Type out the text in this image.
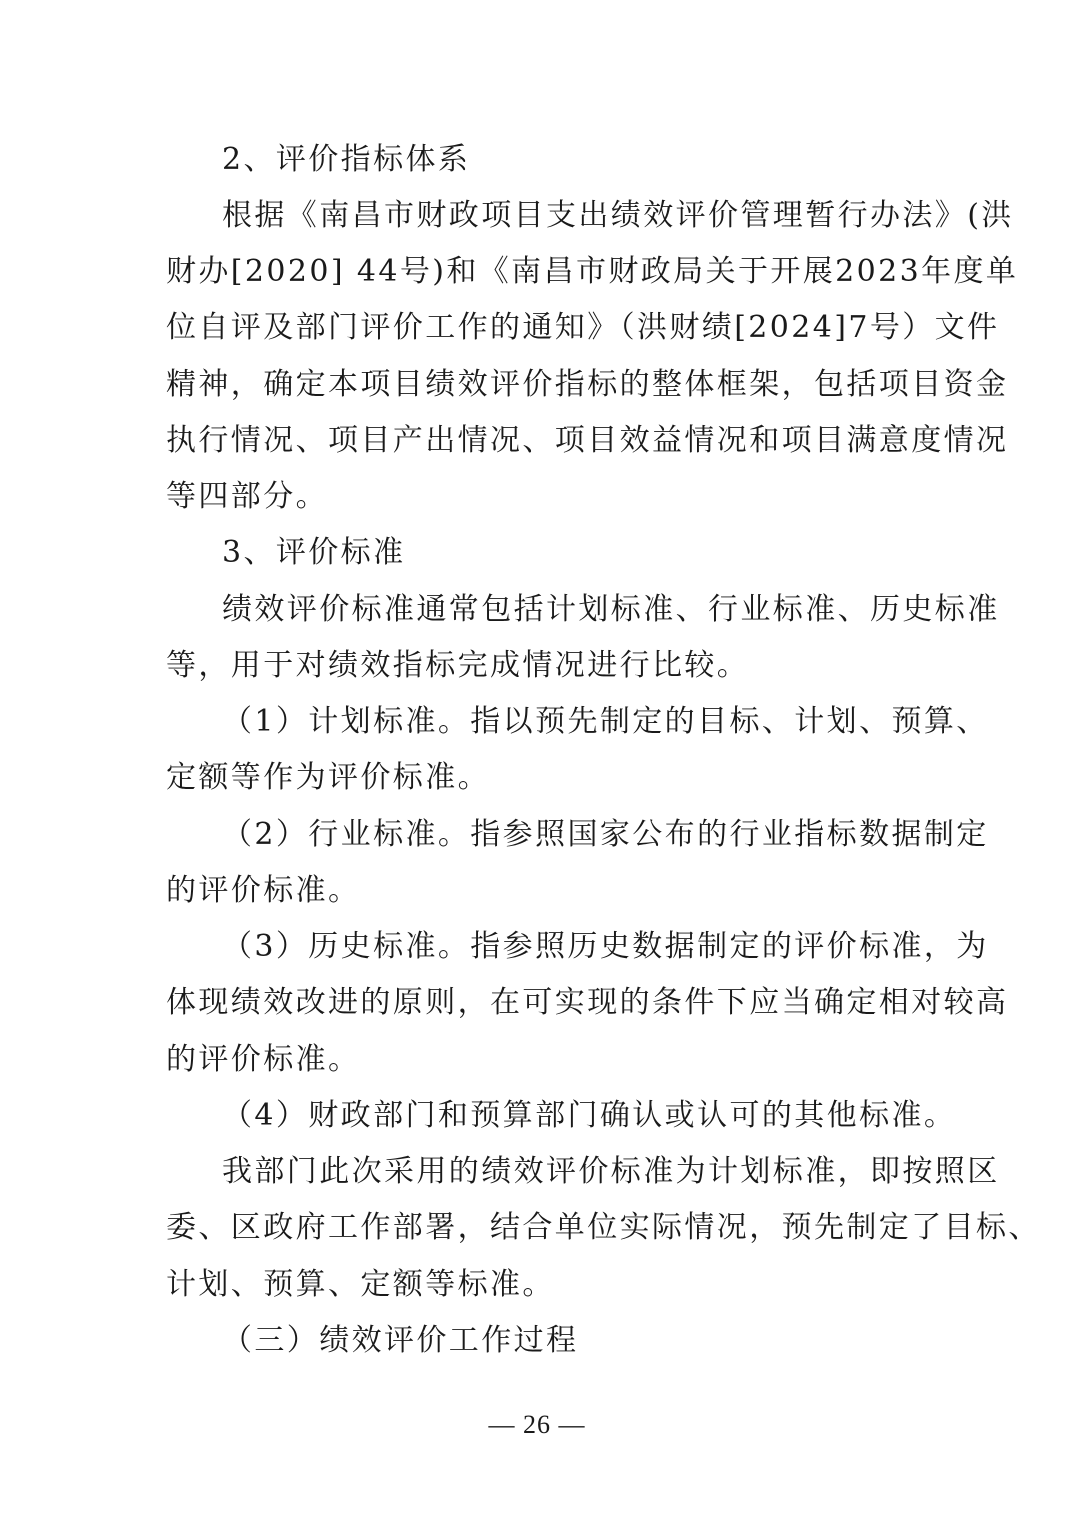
2、评价指标体系
根据《南昌市财政项目支出绩效评价管理暂行办法》(洪
财办[2020] 44号)和《南昌市财政局关于开展2023年度单
位自评及部门评价工作的通知》（洪财绩[2024]7号）文件
精神，确定本项目绩效评价指标的整体框架，包括项目资金
执行情况、项目产出情况、项目效益情况和项目满意度情况
等四部分。
3、评价标准
绩效评价标准通常包括计划标准、行业标准、历史标准
等，用于对绩效指标完成情况进行比较。
（1）计划标准。指以预先制定的目标、计划、预算、
定额等作为评价标准。
（2）行业标准。指参照国家公布的行业指标数据制定
的评价标准。
（3）历史标准。指参照历史数据制定的评价标准，为
体现绩效改进的原则，在可实现的条件下应当确定相对较高
的评价标准。
（4）财政部门和预算部门确认或认可的其他标准。
我部门此次采用的绩效评价标准为计划标准，即按照区
委、区政府工作部署，结合单位实际情况，预先制定了目标、
计划、预算、定额等标准。
（三）绩效评价工作过程
— 26 —
